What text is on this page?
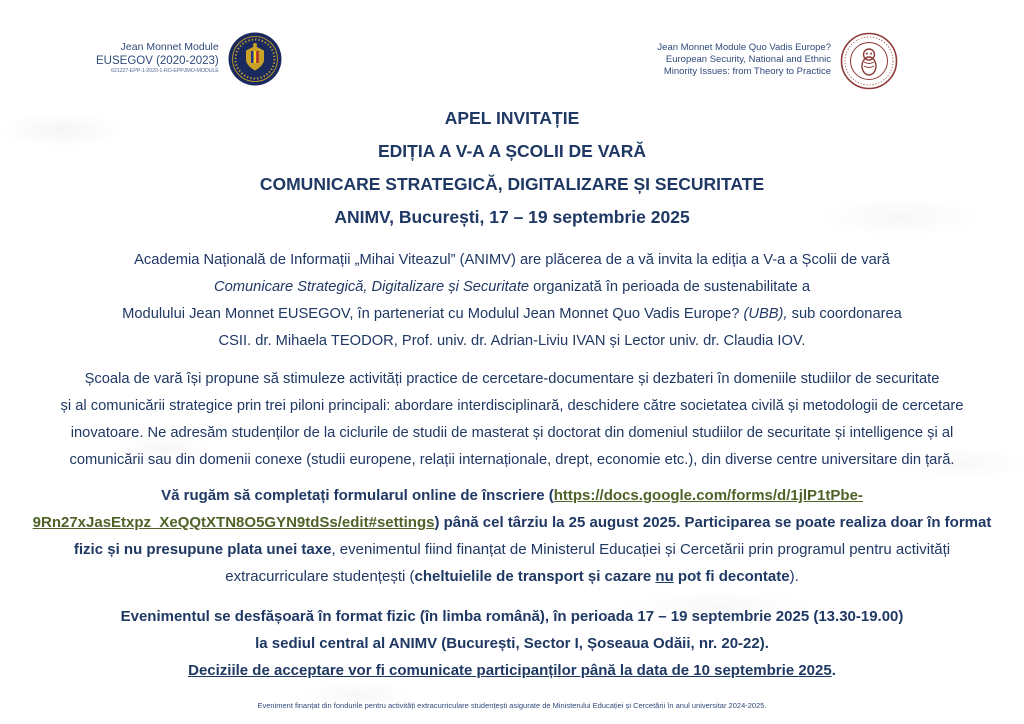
Jean Monnet Module
EUSEGOV (2020-2023)
621227-EPP-1-2020-1-RO-EPPJMO-MODULE
Jean Monnet Module Quo Vadis Europe?
European Security, National and Ethnic
Minority Issues: from Theory to Practice
APEL INVITAȚIE
EDIȚIA A V-A A ȘCOLII DE VARĂ
COMUNICARE STRATEGICĂ, DIGITALIZARE ȘI SECURITATE
ANIMV, București, 17 – 19 septembrie 2025
Academia Națională de Informații „Mihai Viteazul” (ANIMV) are plăcerea de a vă invita la ediția a V-a a Școlii de vară
Comunicare Strategică, Digitalizare și Securitate organizată în perioada de sustenabilitate a
Modulului Jean Monnet EUSEGOV, în parteneriat cu Modulul Jean Monnet Quo Vadis Europe? (UBB), sub coordonarea
CSII. dr. Mihaela TEODOR, Prof. univ. dr. Adrian-Liviu IVAN și Lector univ. dr. Claudia IOV.
Școala de vară își propune să stimuleze activități practice de cercetare-documentare și dezbateri în domeniile studiilor de securitate
și al comunicării strategice prin trei piloni principali: abordare interdisciplinară, deschidere către societatea civilă și metodologii de cercetare
inovatoare. Ne adresăm studenților de la ciclurile de studii de masterat și doctorat din domeniul studiilor de securitate și intelligence și al
comunicării sau din domenii conexe (studii europene, relații internaționale, drept, economie etc.), din diverse centre universitare din țară.
Vă rugăm să completați formularul online de înscriere (https://docs.google.com/forms/d/1jlP1tPbe-
9Rn27xJasEtxpz_XeQQtXTN8O5GYN9tdSs/edit#settings) până cel târziu la 25 august 2025. Participarea se poate realiza doar în format
fizic și nu presupune plata unei taxe, evenimentul fiind finanțat de Ministerul Educației și Cercetării prin programul pentru activități
extracurriculare studențești (cheltuielile de transport și cazare nu pot fi decontate).
Evenimentul se desfășoară în format fizic (în limba română), în perioada 17 – 19 septembrie 2025 (13.30-19.00)
la sediul central al ANIMV (București, Sector I, Șoseaua Odăii, nr. 20-22).
Deciziile de acceptare vor fi comunicate participanților până la data de 10 septembrie 2025.
Eveniment finanțat din fondurile pentru activități extracurriculare studențești asigurate de Ministerului Educației și Cercetării în anul universitar 2024-2025.
